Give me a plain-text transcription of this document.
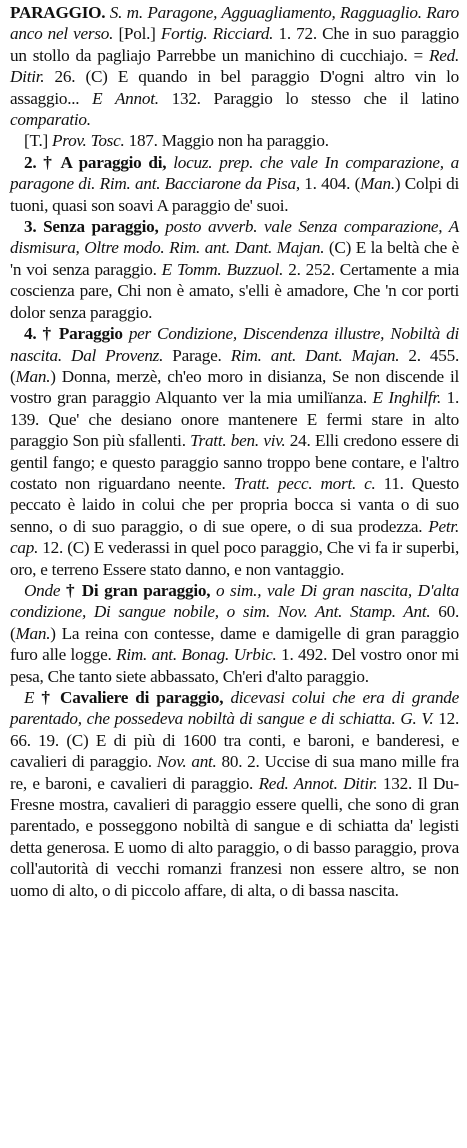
PARAGGIO. S. m. Paragone, Agguagliamento, Ragguaglio. Raro anco nel verso. [Pol.] Fortig. Ricciard. 1. 72. Che in suo paraggio un stollo da pagliajo Parrebbe un manichino di cucchiajo. = Red. Ditir. 26. (C) E quando in bel paraggio D'ogni altro vin lo assaggio... E Annot. 132. Paraggio lo stesso che il latino comparatio.

[T.] Prov. Tosc. 187. Maggio non ha paraggio.

2. † A paraggio di, locuz. prep. che vale In comparazione, a paragone di. Rim. ant. Bacciarone da Pisa, 1. 404. (Man.) Colpi di tuoni, quasi son soavi A paraggio de' suoi.

3. Senza paraggio, posto avverb. vale Senza comparazione, A dismisura, Oltre modo. Rim. ant. Dant. Majan. (C) E la beltà che è 'n voi senza paraggio. E Tomm. Buzzuol. 2. 252. Certamente a mia coscienza pare, Chi non è amato, s'elli è amadore, Che 'n cor porti dolor senza paraggio.

4. † Paraggio per Condizione, Discendenza illustre, Nobiltà di nascita. Dal Provenz. Parage. Rim. ant. Dant. Majan. 2. 455. (Man.) Donna, merzè, ch'eo moro in disianza, Se non discende il vostro gran paraggio Alquanto ver la mia umilïanza. E Inghilfr. 1. 139. Que' che desiano onore mantenere E fermi stare in alto paraggio Son più sfallenti. Tratt. ben. viv. 24. Elli credono essere di gentil fango; e questo paraggio sanno troppo bene contare, e l'altro costato non riguardano neente. Tratt. pecc. mort. c. 11. Questo peccato è laido in colui che per propria bocca si vanta o di suo senno, o di suo paraggio, o di sue opere, o di sua prodezza. Petr. cap. 12. (C) E vederassi in quel poco paraggio, Che vi fa ir superbi, oro, e terreno Essere stato danno, e non vantaggio.

Onde † Di gran paraggio, o sim., vale Di gran nascita, D'alta condizione, Di sangue nobile, o sim. Nov. Ant. Stamp. Ant. 60. (Man.) La reina con contesse, dame e damigelle di gran paraggio furo alle logge. Rim. ant. Bonag. Urbic. 1. 492. Del vostro onor mi pesa, Che tanto siete abbassato, Ch'eri d'alto paraggio.

E † Cavaliere di paraggio, dicevasi colui che era di grande parentado, che possedeva nobiltà di sangue e di schiatta. G. V. 12. 66. 19. (C) E di più di 1600 tra conti, e baroni, e banderesi, e cavalieri di paraggio. Nov. ant. 80. 2. Uccise di sua mano mille fra re, e baroni, e cavalieri di paraggio. Red. Annot. Ditir. 132. Il Du-Fresne mostra, cavalieri di paraggio essere quelli, che sono di gran parentado, e posseggono nobiltà di sangue e di schiatta da' legisti detta generosa. E uomo di alto paraggio, o di basso paraggio, prova coll'autorità di vecchi romanzi franzesi non essere altro, se non uomo di alto, o di piccolo affare, di alta, o di bassa nascita.
